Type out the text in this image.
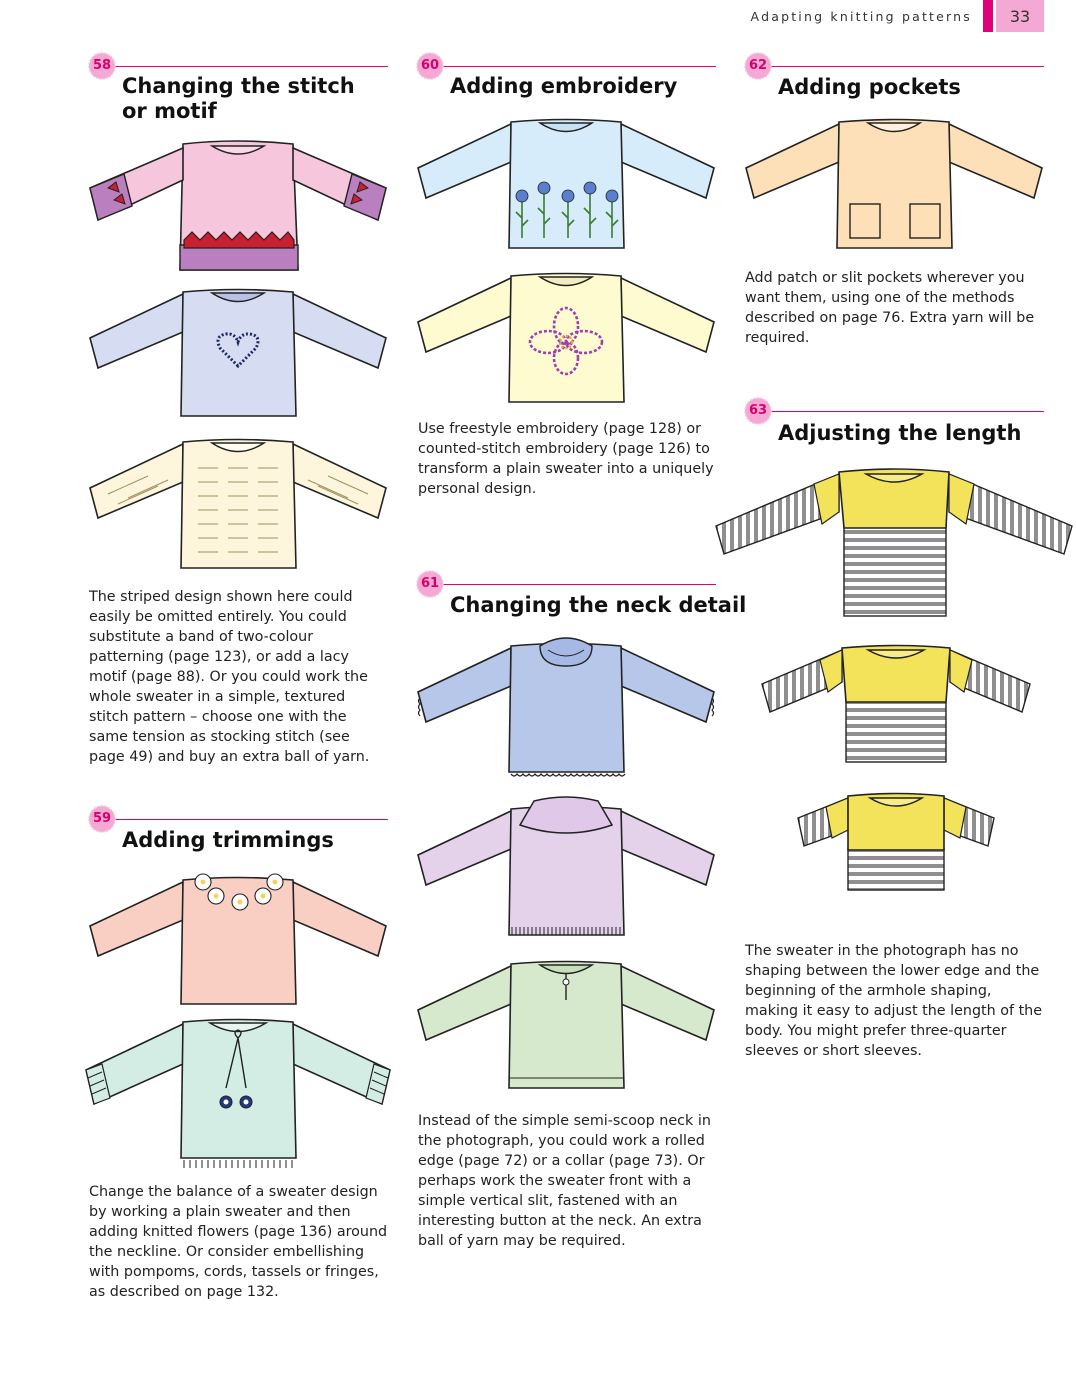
Adapting knitting patterns	33
58
Changing the stitch
or motif
The striped design shown here could easily be omitted entirely. You could substitute a band of two-colour patterning (page 123), or add a lacy motif (page 88). Or you could work the whole sweater in a simple, textured stitch pattern – choose one with the same tension as stocking stitch (see page 49) and buy an extra ball of yarn.
59
Adding trimmings
Change the balance of a sweater design by working a plain sweater and then adding knitted flowers (page 136) around the neckline. Or consider embellishing with pompoms, cords, tassels or fringes, as described on page 132.
60
Adding embroidery
Use freestyle embroidery (page 128) or counted-stitch embroidery (page 126) to transform a plain sweater into a uniquely personal design.
61
Changing the neck detail
Instead of the simple semi-scoop neck in the photograph, you could work a rolled edge (page 72) or a collar (page 73). Or perhaps work the sweater front with a simple vertical slit, fastened with an interesting button at the neck. An extra ball of yarn may be required.
62
Adding pockets
Add patch or slit pockets wherever you want them, using one of the methods described on page 76. Extra yarn will be required.
63
Adjusting the length
The sweater in the photograph has no shaping between the lower edge and the beginning of the armhole shaping, making it easy to adjust the length of the body. You might prefer three-quarter sleeves or short sleeves.
